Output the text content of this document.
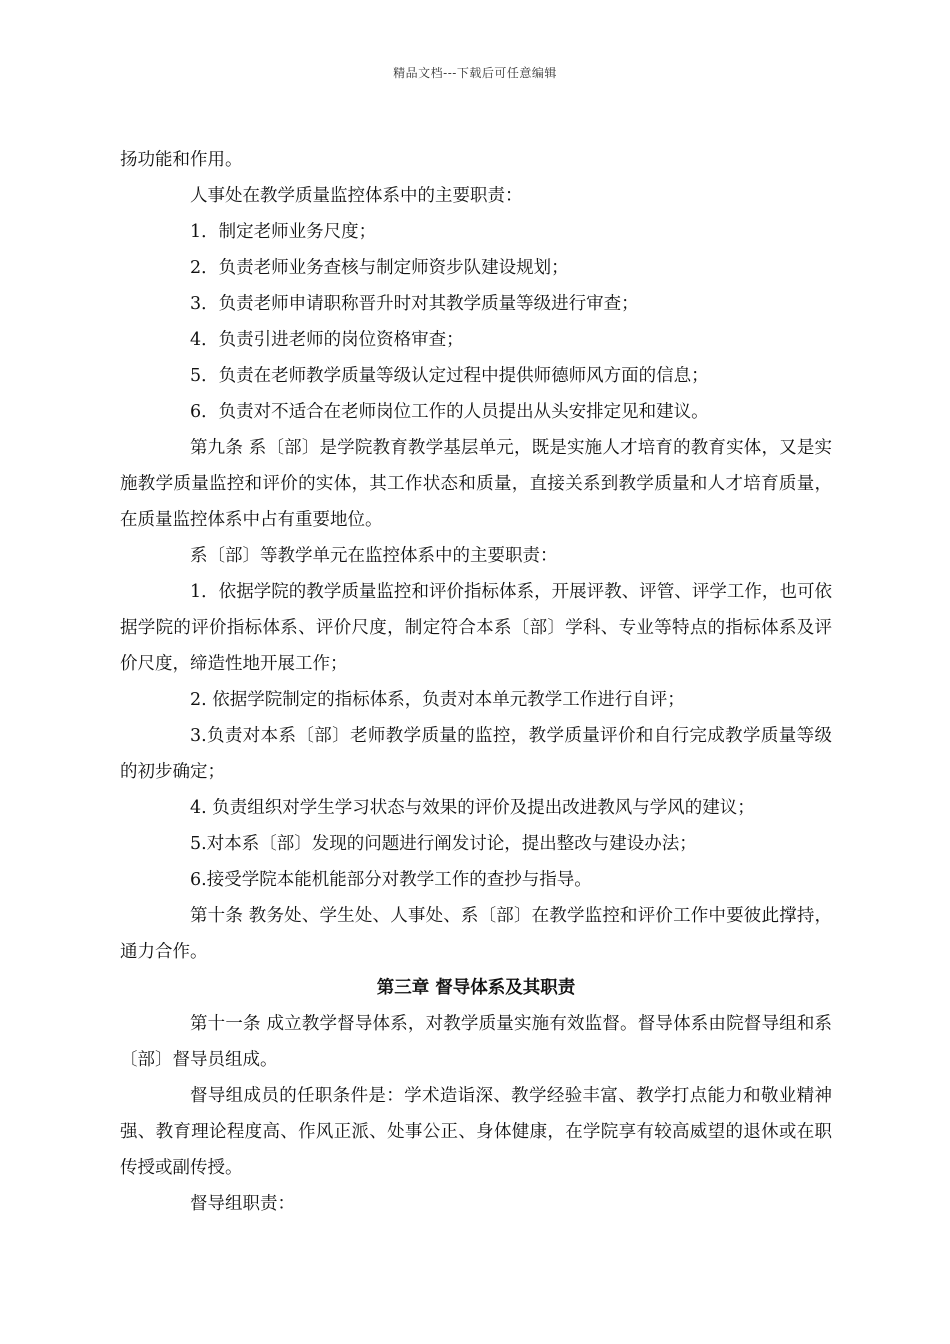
精品文档---下载后可任意编辑

扬功能和作用。

人事处在教学质量监控体系中的主要职责：

1．制定老师业务尺度；

2．负责老师业务查核与制定师资步队建设规划；

3．负责老师申请职称晋升时对其教学质量等级进行审查；

4．负责引进老师的岗位资格审查；

5．负责在老师教学质量等级认定过程中提供师德师风方面的信息；

6．负责对不适合在老师岗位工作的人员提出从头安排定见和建议。

第九条 系〔部〕是学院教育教学基层单元，既是实施人才培育的教育实体，又是实施教学质量监控和评价的实体，其工作状态和质量，直接关系到教学质量和人才培育质量，在质量监控体系中占有重要地位。

系〔部〕等教学单元在监控体系中的主要职责：

1．依据学院的教学质量监控和评价指标体系，开展评教、评管、评学工作，也可依据学院的评价指标体系、评价尺度，制定符合本系〔部〕学科、专业等特点的指标体系及评价尺度，缔造性地开展工作；

2. 依据学院制定的指标体系，负责对本单元教学工作进行自评；

3.负责对本系〔部〕老师教学质量的监控，教学质量评价和自行完成教学质量等级的初步确定；

4. 负责组织对学生学习状态与效果的评价及提出改进教风与学风的建议；

5.对本系〔部〕发现的问题进行阐发讨论，提出整改与建设办法；

6.接受学院本能机能部分对教学工作的查抄与指导。

第十条 教务处、学生处、人事处、系〔部〕在教学监控和评价工作中要彼此撑持，通力合作。

第三章 督导体系及其职责

第十一条 成立教学督导体系，对教学质量实施有效监督。督导体系由院督导组和系〔部〕督导员组成。

督导组成员的任职条件是：学术造诣深、教学经验丰富、教学打点能力和敬业精神强、教育理论程度高、作风正派、处事公正、身体健康，在学院享有较高威望的退休或在职传授或副传授。

督导组职责：
